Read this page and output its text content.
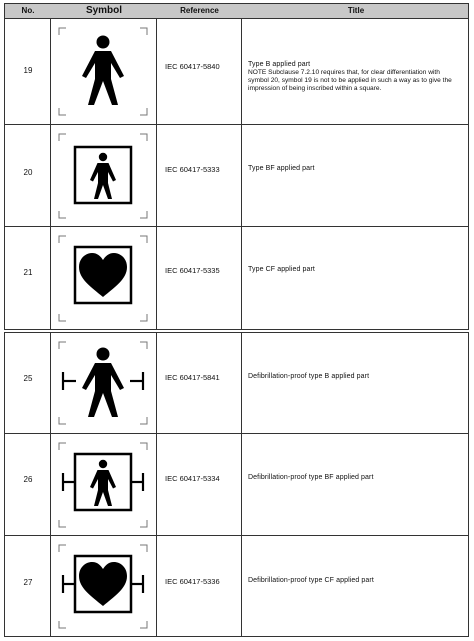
No.	Symbol	Reference	Title
19	IEC 60417-5840	Type B applied part
NOTE Subclause 7.2.10 requires that, for clear differentiation with symbol 20, symbol 19 is not to be applied in such a way as to give the impression of being inscribed within a square.
20	IEC 60417-5333	Type BF applied part
21	IEC 60417-5335	Type CF applied part
25	IEC 60417-5841	Defibrillation-proof type B applied part
26	IEC 60417-5334	Defibrillation-proof type BF applied part
27	IEC 60417-5336	Defibrillation-proof type CF applied part
